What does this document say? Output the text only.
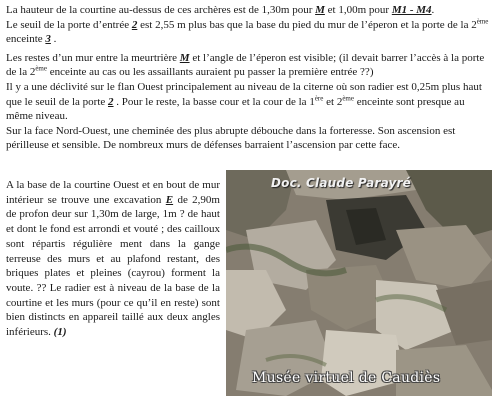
La hauteur de la courtine au-dessus de ces archères est de 1,30m pour M et 1,00m pour M1 - M4.

Le seuil de la porte d’entrée 2 est 2,55 m plus bas que la base du pied du mur de l’éperon et la porte de la 2ème enceinte 3 .

Les restes d’un mur entre la meurtrière M et l’angle de l’éperon est visible; (il devait barrer l’accès à la porte de la 2ème enceinte au cas ou les assaillants auraient pu passer la première entrée ??)

Il y a une déclivité sur le flan Ouest principalement au niveau de la citerne où son radier est 0,25m plus haut que le seuil de la porte 2 . Pour le reste, la basse cour et la cour de la 1ère et 2ème enceinte sont presque au même niveau.

Sur la face Nord-Ouest, une cheminée des plus abrupte débouche dans la forteresse. Son ascension est périlleuse et sensible. De nombreux murs de défenses barraient l’ascension par cette face.

A la base de la courtine Ouest et en bout de mur intérieur se trouve une excavation E de 2,90m de profon deur sur 1,30m de large, 1m ? de haut et dont le fond est arrondi et vouté ; des cailloux sont répartis régulière ment dans la gange terreuse des murs et au plafond restant, des briques plates et pleines (cayrou) forment la voute. ?? Le radier est à niveau de la base de la courtine et les murs (pour ce qu’il en reste) sont bien distincts en appareil taillé aux deux angles inférieurs. (1)

Doc. Claude Parayré
Musée virtuel de Caudiès
